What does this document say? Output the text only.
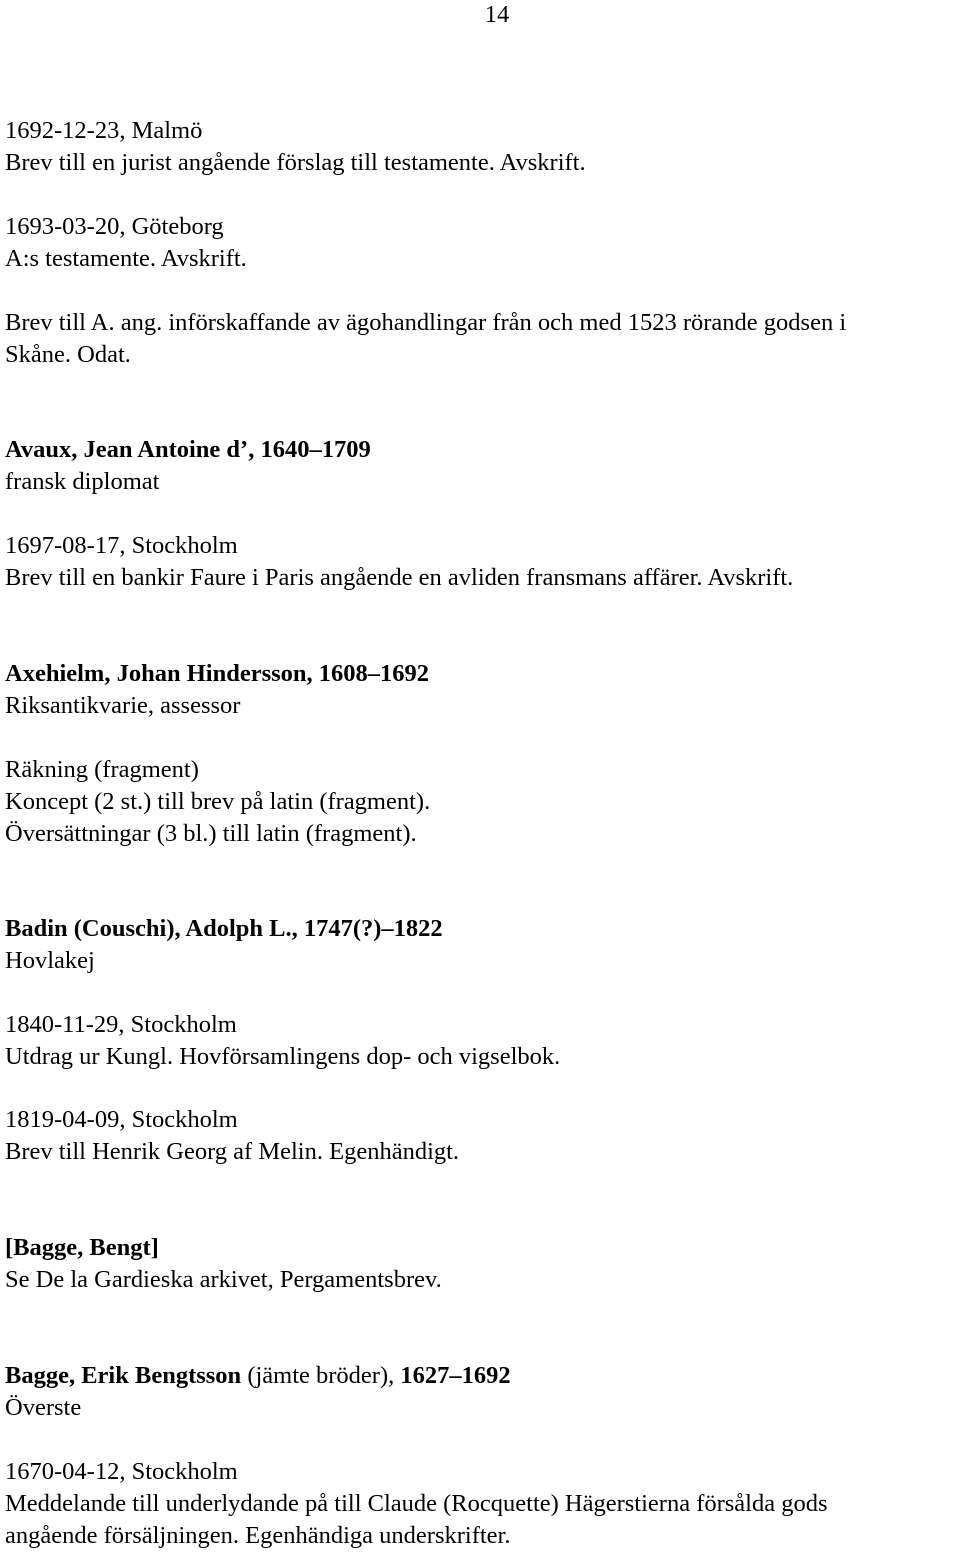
14
1692-12-23, Malmö
Brev till en jurist angående förslag till testamente. Avskrift.
1693-03-20, Göteborg
A:s testamente. Avskrift.
Brev till A. ang. införskaffande av ägohandlingar från och med 1523 rörande godsen i
Skåne. Odat.
Avaux, Jean Antoine d’, 1640–1709
fransk diplomat
1697-08-17, Stockholm
Brev till en bankir Faure i Paris angående en avliden fransmans affärer. Avskrift.
Axehielm, Johan Hindersson, 1608–1692
Riksantikvarie, assessor
Räkning (fragment)
Koncept (2 st.) till brev på latin (fragment).
Översättningar (3 bl.) till latin (fragment).
Badin (Couschi), Adolph L., 1747(?)–1822
Hovlakej
1840-11-29, Stockholm
Utdrag ur Kungl. Hovförsamlingens dop- och vigselbok.
1819-04-09, Stockholm
Brev till Henrik Georg af Melin. Egenhändigt.
[Bagge, Bengt]
Se De la Gardieska arkivet, Pergamentsbrev.
Bagge, Erik Bengtsson (jämte bröder), 1627–1692
Överste
1670-04-12, Stockholm
Meddelande till underlydande på till Claude (Rocquette) Hägerstierna försålda gods
angående försäljningen. Egenhändiga underskrifter.
